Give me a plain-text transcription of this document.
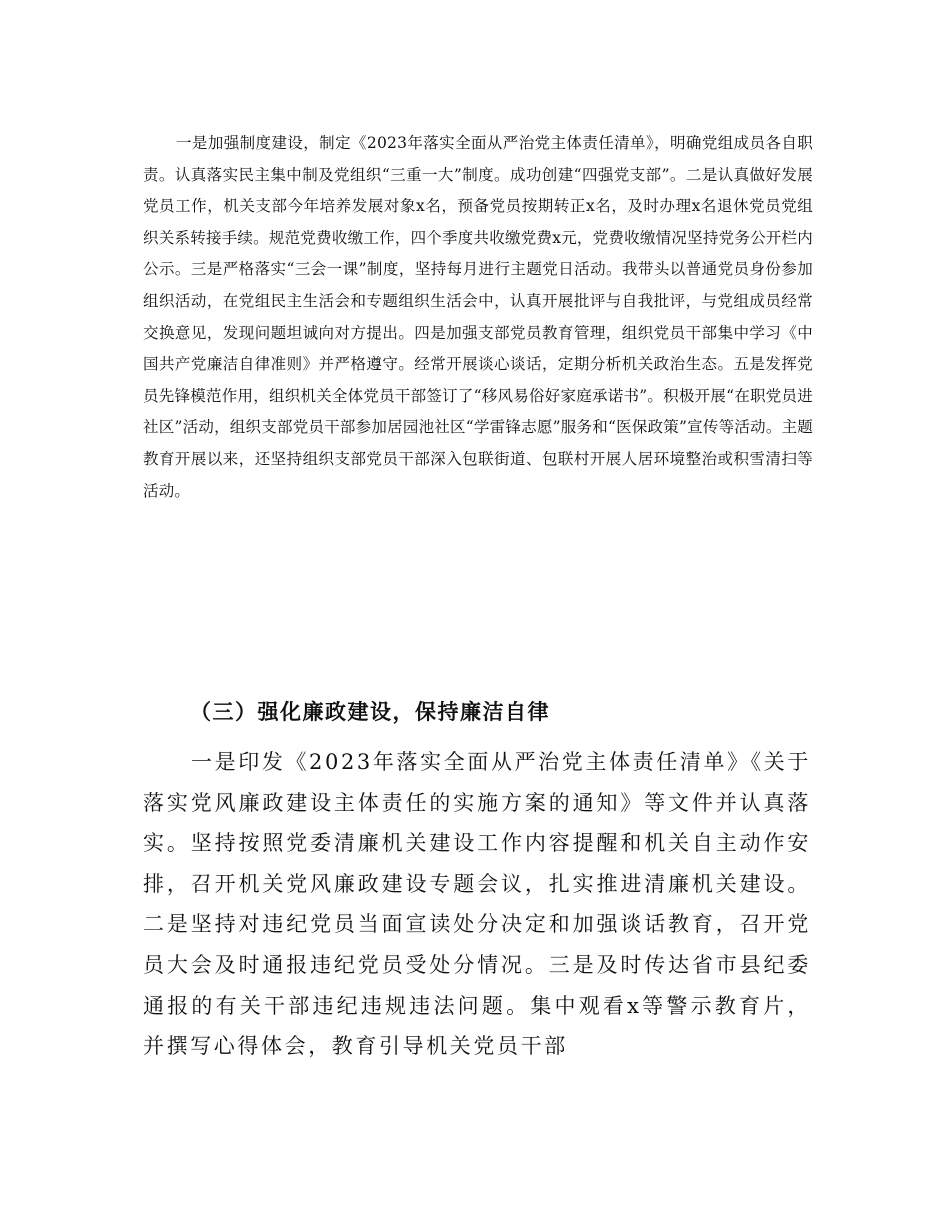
一是加强制度建设，制定《2023年落实全面从严治党主体责任清单》，明确党组成员各自职责。认真落实民主集中制及党组织“三重一大”制度。成功创建“四强党支部”。二是认真做好发展党员工作，机关支部今年培养发展对象x名，预备党员按期转正x名，及时办理x名退休党员党组织关系转接手续。规范党费收缴工作，四个季度共收缴党费x元，党费收缴情况坚持党务公开栏内公示。三是严格落实“三会一课”制度，坚持每月进行主题党日活动。我带头以普通党员身份参加组织活动，在党组民主生活会和专题组织生活会中，认真开展批评与自我批评，与党组成员经常交换意见，发现问题坦诚向对方提出。四是加强支部党员教育管理，组织党员干部集中学习《中国共产党廉洁自律准则》并严格遵守。经常开展谈心谈话，定期分析机关政治生态。五是发挥党员先锋模范作用，组织机关全体党员干部签订了“移风易俗好家庭承诺书”。积极开展“在职党员进社区”活动，组织支部党员干部参加居园池社区“学雷锋志愿”服务和“医保政策”宣传等活动。主题教育开展以来，还坚持组织支部党员干部深入包联街道、包联村开展人居环境整治或积雪清扫等活动。

（三）强化廉政建设，保持廉洁自律

一是印发《2023年落实全面从严治党主体责任清单》《关于落实党风廉政建设主体责任的实施方案的通知》等文件并认真落实。坚持按照党委清廉机关建设工作内容提醒和机关自主动作安排，召开机关党风廉政建设专题会议，扎实推进清廉机关建设。二是坚持对违纪党员当面宣读处分决定和加强谈话教育，召开党员大会及时通报违纪党员受处分情况。三是及时传达省市县纪委通报的有关干部违纪违规违法问题。集中观看x等警示教育片，并撰写心得体会，教育引导机关党员干部
